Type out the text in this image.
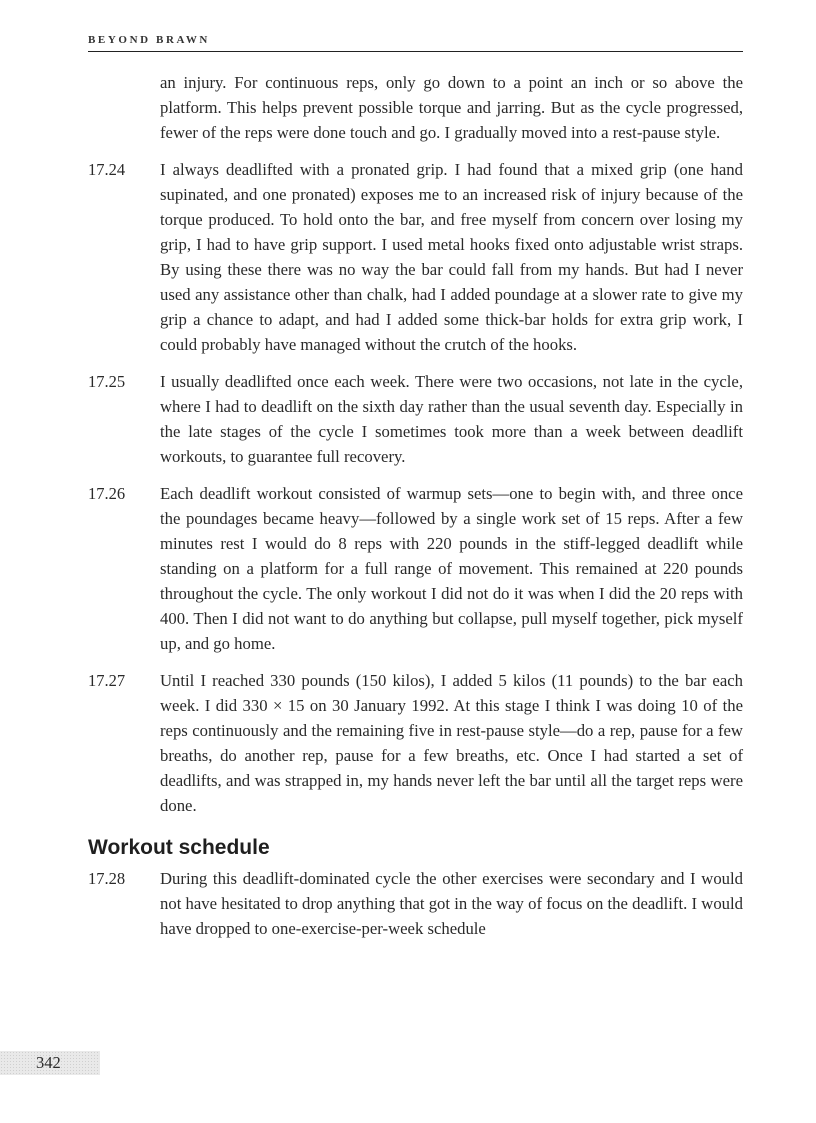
BEYOND BRAWN

an injury. For continuous reps, only go down to a point an inch or so above the platform. This helps prevent possible torque and jarring. But as the cycle progressed, fewer of the reps were done touch and go. I gradually moved into a rest-pause style.

17.24	I always deadlifted with a pronated grip. I had found that a mixed grip (one hand supinated, and one pronated) exposes me to an increased risk of injury because of the torque produced. To hold onto the bar, and free myself from concern over losing my grip, I had to have grip support. I used metal hooks fixed onto adjustable wrist straps. By using these there was no way the bar could fall from my hands. But had I never used any assistance other than chalk, had I added poundage at a slower rate to give my grip a chance to adapt, and had I added some thick-bar holds for extra grip work, I could probably have managed without the crutch of the hooks.

17.25	I usually deadlifted once each week. There were two occasions, not late in the cycle, where I had to deadlift on the sixth day rather than the usual seventh day. Especially in the late stages of the cycle I sometimes took more than a week between deadlift workouts, to guarantee full recovery.

17.26	Each deadlift workout consisted of warmup sets—one to begin with, and three once the poundages became heavy—followed by a single work set of 15 reps. After a few minutes rest I would do 8 reps with 220 pounds in the stiff-legged deadlift while standing on a platform for a full range of movement. This remained at 220 pounds throughout the cycle. The only workout I did not do it was when I did the 20 reps with 400. Then I did not want to do anything but collapse, pull myself together, pick myself up, and go home.

17.27	Until I reached 330 pounds (150 kilos), I added 5 kilos (11 pounds) to the bar each week. I did 330 × 15 on 30 January 1992. At this stage I think I was doing 10 of the reps continuously and the remaining five in rest-pause style—do a rep, pause for a few breaths, do another rep, pause for a few breaths, etc. Once I had started a set of deadlifts, and was strapped in, my hands never left the bar until all the target reps were done.

Workout schedule
17.28	During this deadlift-dominated cycle the other exercises were secondary and I would not have hesitated to drop anything that got in the way of focus on the deadlift. I would have dropped to one-exercise-per-week schedule

342
